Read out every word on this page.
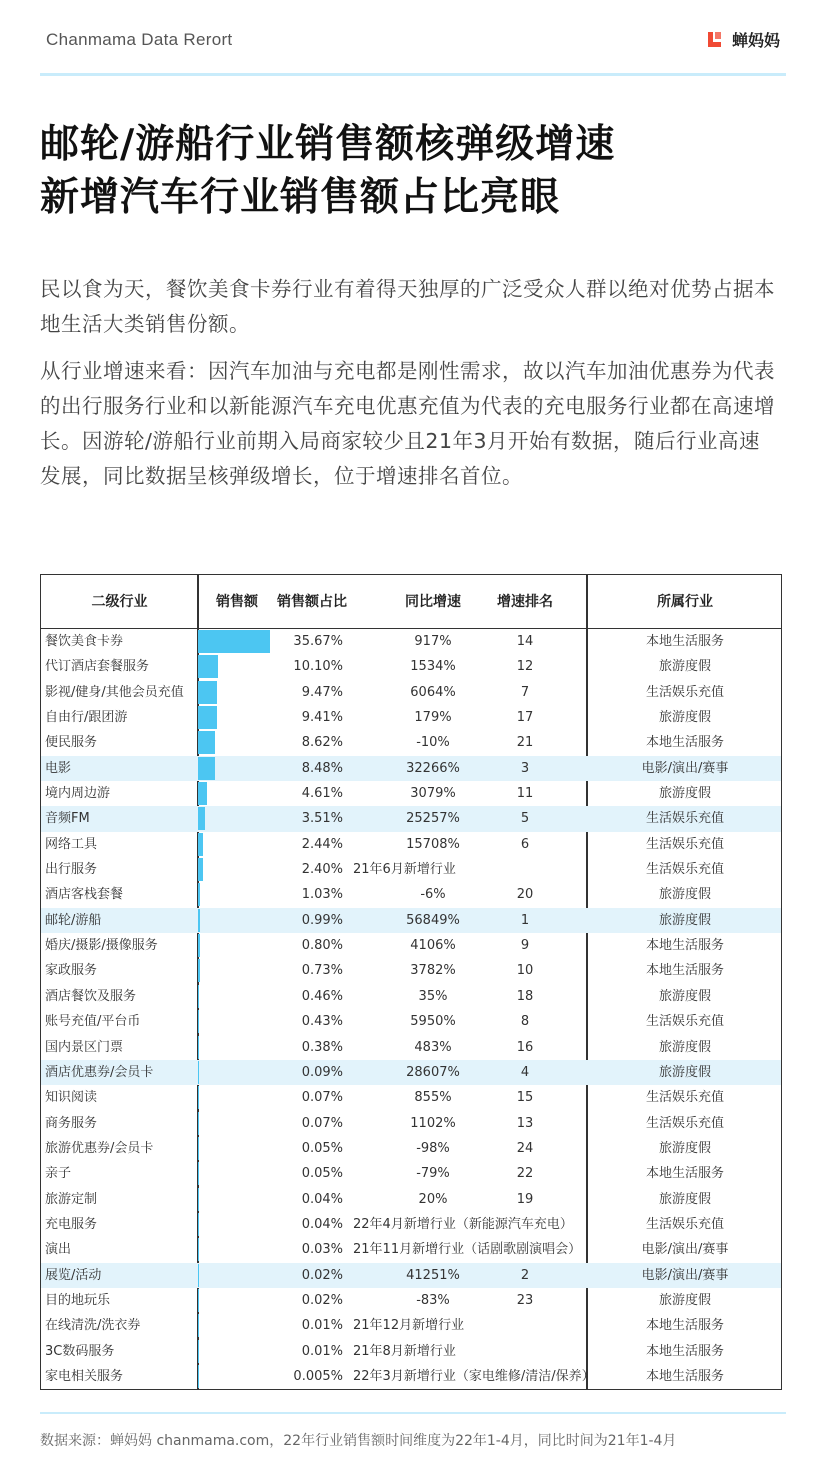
Chanmama Data Rerort	蝉妈妈
邮轮/游船行业销售额核弹级增速
新增汽车行业销售额占比亮眼

民以食为天，餐饮美食卡券行业有着得天独厚的广泛受众人群以绝对优势占据本地生活大类销售份额。

从行业增速来看：因汽车加油与充电都是刚性需求，故以汽车加油优惠券为代表的出行服务行业和以新能源汽车充电优惠充值为代表的充电服务行业都在高速增长。因游轮/游船行业前期入局商家较少且21年3月开始有数据，随后行业高速发展，同比数据呈核弹级增长，位于增速排名首位。

二级行业	销售额	销售额占比	同比增速	增速排名	所属行业
餐饮美食卡券	35.67%	917%	14	本地生活服务
代订酒店套餐服务	10.10%	1534%	12	旅游度假
影视/健身/其他会员充值	9.47%	6064%	7	生活娱乐充值
自由行/跟团游	9.41%	179%	17	旅游度假
便民服务	8.62%	-10%	21	本地生活服务
电影	8.48%	32266%	3	电影/演出/赛事
境内周边游	4.61%	3079%	11	旅游度假
音频FM	3.51%	25257%	5	生活娱乐充值
网络工具	2.44%	15708%	6	生活娱乐充值
出行服务	2.40% 21年6月新增行业	生活娱乐充值
酒店客栈套餐	1.03%	-6%	20	旅游度假
邮轮/游船	0.99%	56849%	1	旅游度假
婚庆/摄影/摄像服务	0.80%	4106%	9	本地生活服务
家政服务	0.73%	3782%	10	本地生活服务
酒店餐饮及服务	0.46%	35%	18	旅游度假
账号充值/平台币	0.43%	5950%	8	生活娱乐充值
国内景区门票	0.38%	483%	16	旅游度假
酒店优惠券/会员卡	0.09%	28607%	4	旅游度假
知识阅读	0.07%	855%	15	生活娱乐充值
商务服务	0.07%	1102%	13	生活娱乐充值
旅游优惠券/会员卡	0.05%	-98%	24	旅游度假
亲子	0.05%	-79%	22	本地生活服务
旅游定制	0.04%	20%	19	旅游度假
充电服务	0.04% 22年4月新增行业（新能源汽车充电）	生活娱乐充值
演出	0.03% 21年11月新增行业（话剧歌剧演唱会）	电影/演出/赛事
展览/活动	0.02%	41251%	2	电影/演出/赛事
目的地玩乐	0.02%	-83%	23	旅游度假
在线清洗/洗衣券	0.01% 21年12月新增行业	本地生活服务
3C数码服务	0.01% 21年8月新增行业	本地生活服务
家电相关服务	0.005% 22年3月新增行业（家电维修/清洁/保养）	本地生活服务
数据来源：蝉妈妈 chanmama.com，22年行业销售额时间维度为22年1-4月，同比时间为21年1-4月
